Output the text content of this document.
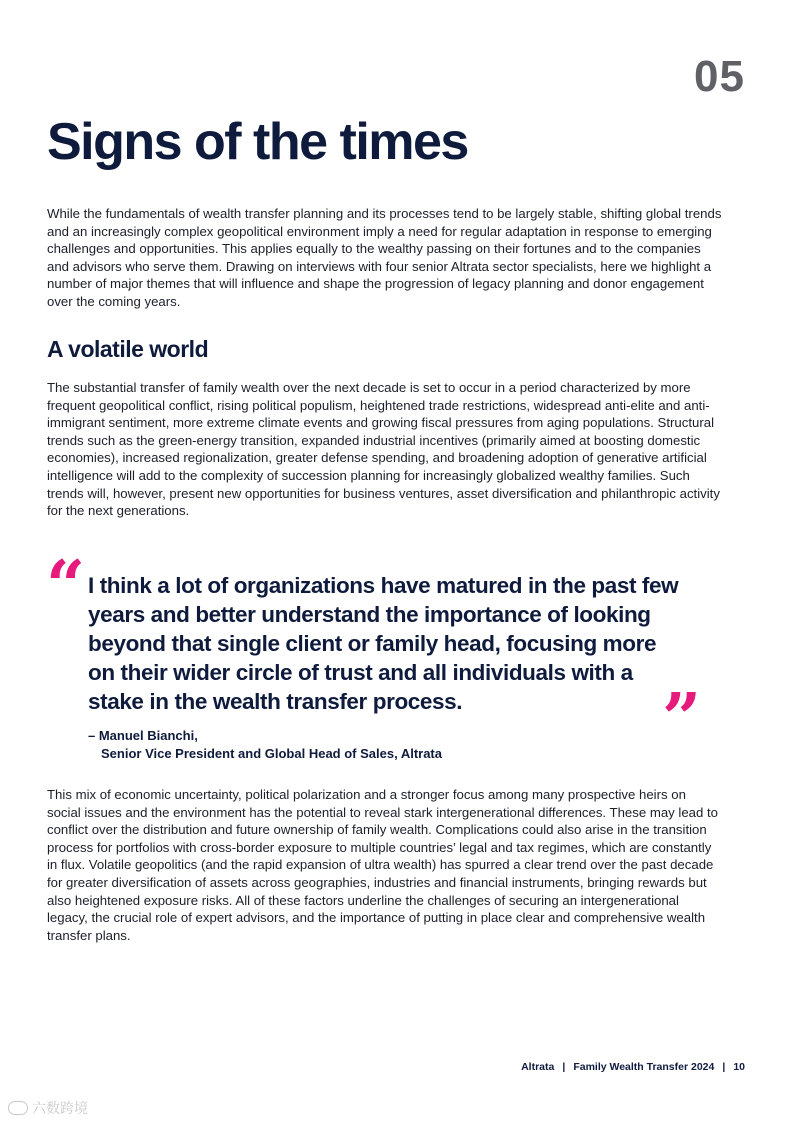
05
Signs of the times

While the fundamentals of wealth transfer planning and its processes tend to be largely stable, shifting global trends and an increasingly complex geopolitical environment imply a need for regular adaptation in response to emerging challenges and opportunities. This applies equally to the wealthy passing on their fortunes and to the companies and advisors who serve them. Drawing on interviews with four senior Altrata sector specialists, here we highlight a number of major themes that will influence and shape the progression of legacy planning and donor engagement over the coming years.

A volatile world

The substantial transfer of family wealth over the next decade is set to occur in a period characterized by more frequent geopolitical conflict, rising political populism, heightened trade restrictions, widespread anti-elite and anti-immigrant sentiment, more extreme climate events and growing fiscal pressures from aging populations. Structural trends such as the green-energy transition, expanded industrial incentives (primarily aimed at boosting domestic economies), increased regionalization, greater defense spending, and broadening adoption of generative artificial intelligence will add to the complexity of succession planning for increasingly globalized wealthy families. Such trends will, however, present new opportunities for business ventures, asset diversification and philanthropic activity for the next generations.

“ I think a lot of organizations have matured in the past few years and better understand the importance of looking beyond that single client or family head, focusing more on their wider circle of trust and all individuals with a stake in the wealth transfer process.	”
– Manuel Bianchi,
Senior Vice President and Global Head of Sales, Altrata

This mix of economic uncertainty, political polarization and a stronger focus among many prospective heirs on social issues and the environment has the potential to reveal stark intergenerational differences. These may lead to conflict over the distribution and future ownership of family wealth. Complications could also arise in the transition process for portfolios with cross-border exposure to multiple countries’ legal and tax regimes, which are constantly in flux. Volatile geopolitics (and the rapid expansion of ultra wealth) has spurred a clear trend over the past decade for greater diversification of assets across geographies, industries and financial instruments, bringing rewards but also heightened exposure risks. All of these factors underline the challenges of securing an intergenerational legacy, the crucial role of expert advisors, and the importance of putting in place clear and comprehensive wealth transfer plans.

Altrata | Family Wealth Transfer 2024 | 10
六数跨境
